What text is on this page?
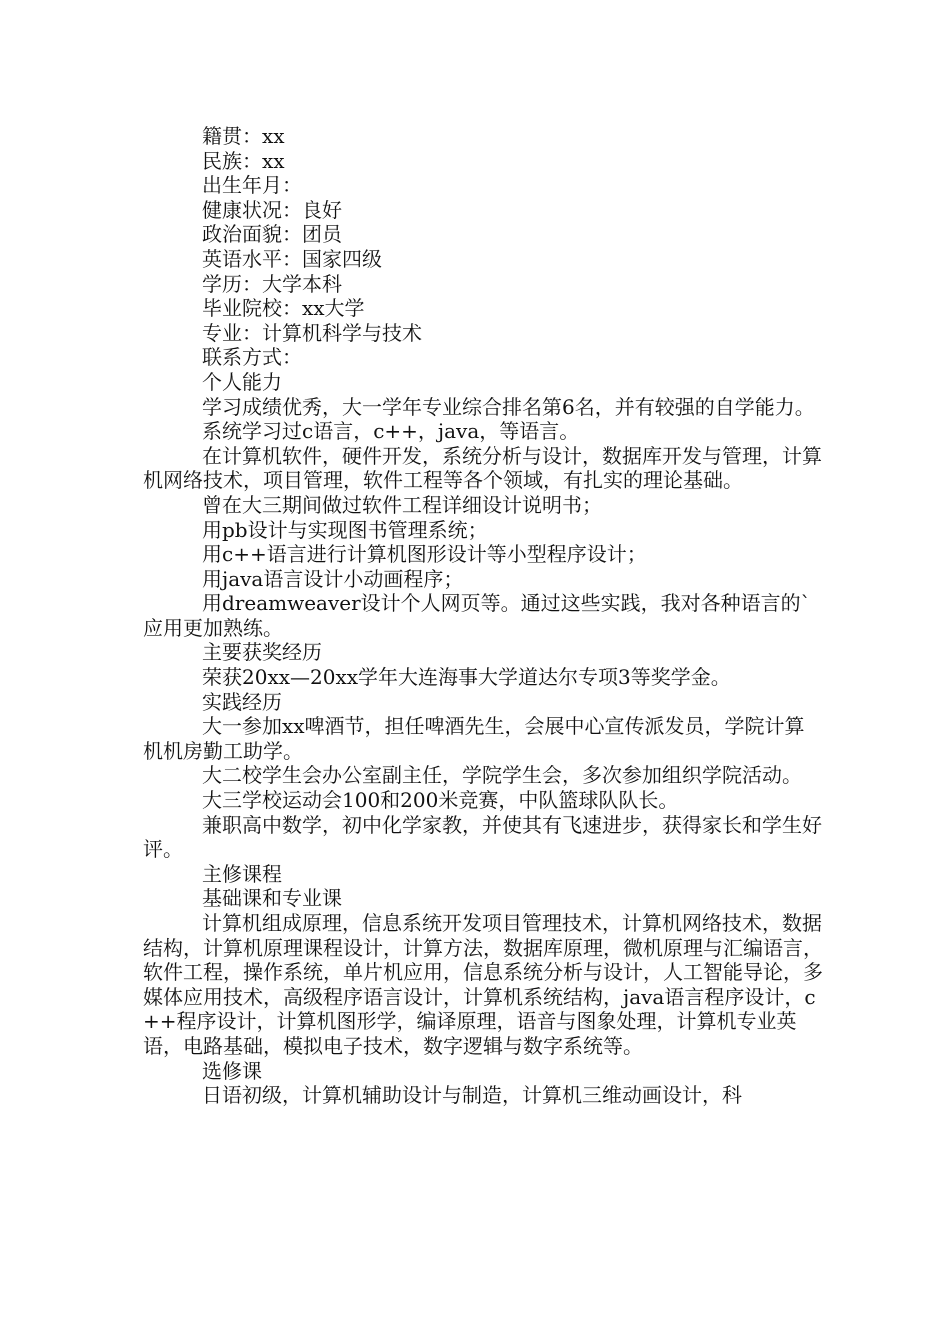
籍贯：xx

民族：xx

出生年月：

健康状况：良好

政治面貌：团员

英语水平：国家四级

学历：大学本科

毕业院校：xx大学

专业：计算机科学与技术

联系方式：

个人能力

学习成绩优秀，大一学年专业综合排名第6名，并有较强的自学能力。

系统学习过c语言，c++，java，等语言。

在计算机软件，硬件开发，系统分析与设计，数据库开发与管理，计算机网络技术，项目管理，软件工程等各个领域，有扎实的理论基础。

曾在大三期间做过软件工程详细设计说明书；

用pb设计与实现图书管理系统；

用c++语言进行计算机图形设计等小型程序设计；

用java语言设计小动画程序；

用dreamweaver设计个人网页等。通过这些实践，我对各种语言的`应用更加熟练。

主要获奖经历

荣获20xx—20xx学年大连海事大学道达尔专项3等奖学金。

实践经历

大一参加xx啤酒节，担任啤酒先生，会展中心宣传派发员，学院计算机机房勤工助学。

大二校学生会办公室副主任，学院学生会，多次参加组织学院活动。

大三学校运动会100和200米竞赛，中队篮球队队长。

兼职高中数学，初中化学家教，并使其有飞速进步，获得家长和学生好评。

主修课程

基础课和专业课

计算机组成原理，信息系统开发项目管理技术，计算机网络技术，数据结构，计算机原理课程设计，计算方法，数据库原理，微机原理与汇编语言，软件工程，操作系统，单片机应用，信息系统分析与设计，人工智能导论，多媒体应用技术，高级程序语言设计，计算机系统结构，java语言程序设计，c++程序设计，计算机图形学，编译原理，语音与图象处理，计算机专业英语，电路基础，模拟电子技术，数字逻辑与数字系统等。

选修课

日语初级，计算机辅助设计与制造，计算机三维动画设计，科
